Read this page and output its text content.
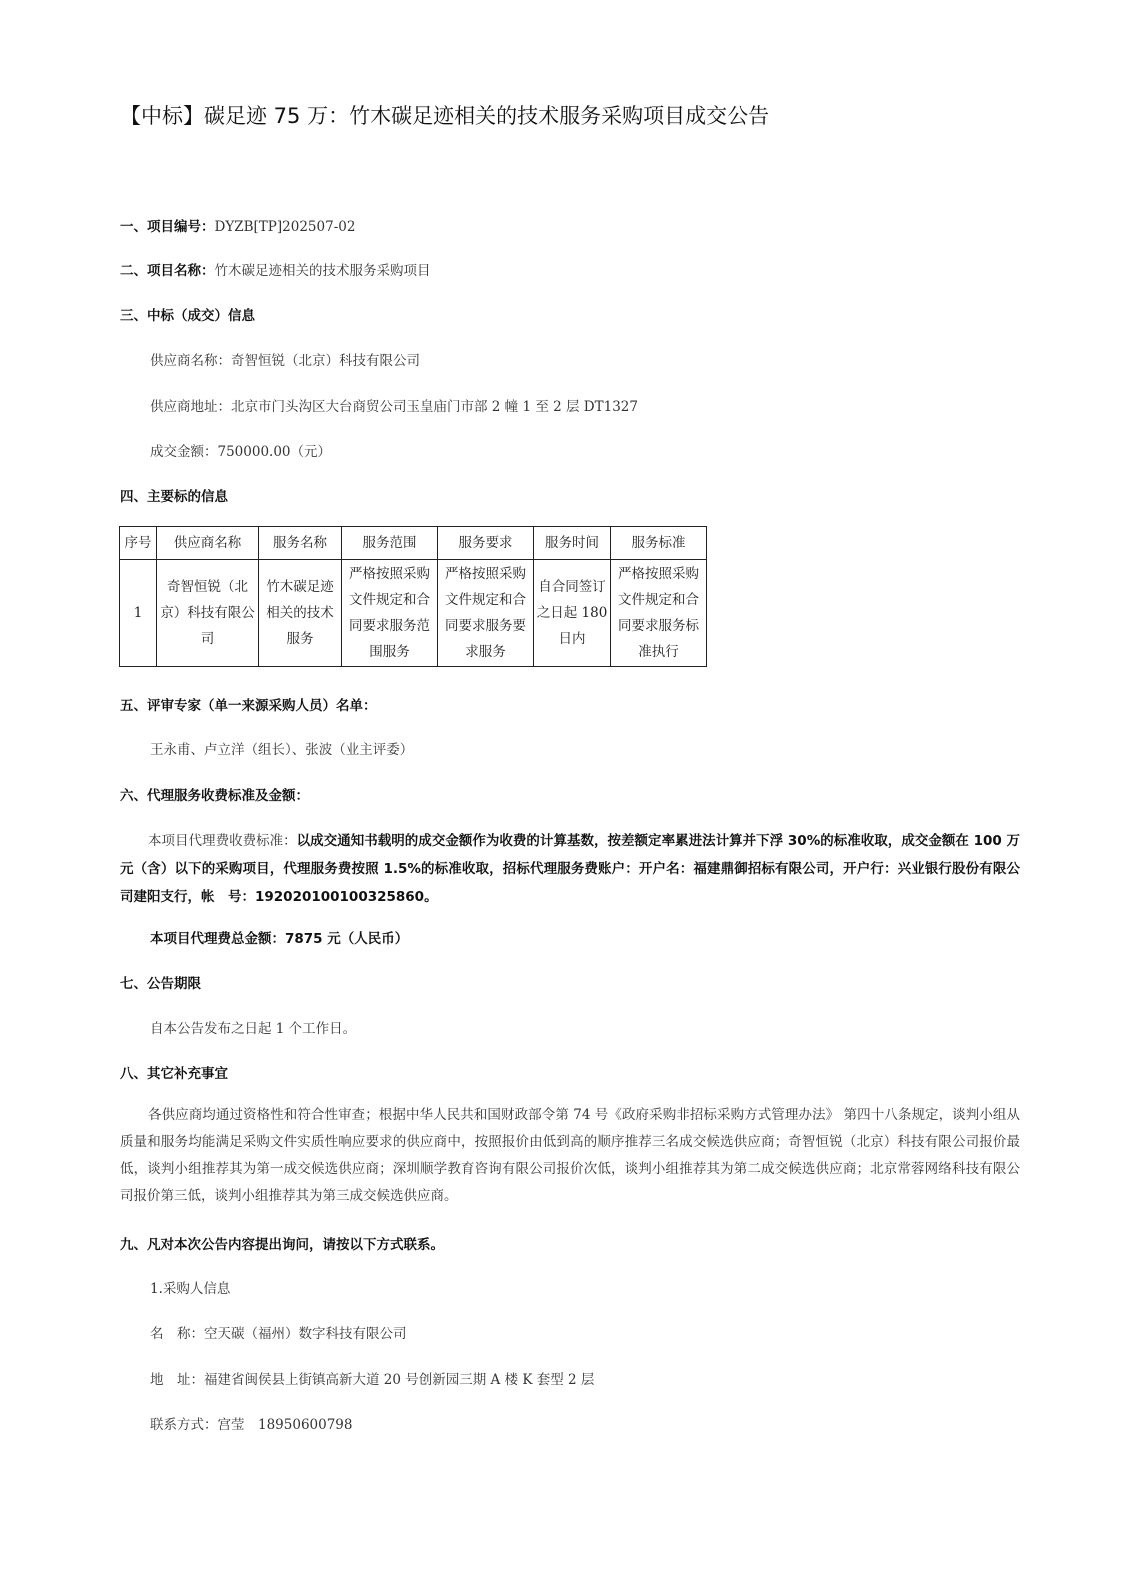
【中标】碳足迹 75 万：竹木碳足迹相关的技术服务采购项目成交公告
一、项目编号：DYZB[TP]202507-02
二、项目名称：竹木碳足迹相关的技术服务采购项目
三、中标（成交）信息
供应商名称：奇智恒锐（北京）科技有限公司
供应商地址：北京市门头沟区大台商贸公司玉皇庙门市部 2 幢 1 至 2 层 DT1327
成交金额：750000.00（元）
四、主要标的信息
序号	供应商名称	服务名称	服务范围	服务要求	服务时间	服务标准
1	奇智恒锐（北京）科技有限公司	竹木碳足迹相关的技术服务	严格按照采购文件规定和合同要求服务范围服务	严格按照采购文件规定和合同要求服务要求服务	自合同签订之日起 180 日内	严格按照采购文件规定和合同要求服务标准执行
五、评审专家（单一来源采购人员）名单：
王永甫、卢立洋（组长）、张波（业主评委）
六、代理服务收费标准及金额：

本项目代理费收费标准：以成交通知书载明的成交金额作为收费的计算基数，按差额定率累进法计算并下浮 30%的标准收取，成交金额在 100 万元（含）以下的采购项目，代理服务费按照 1.5%的标准收取，招标代理服务费账户：开户名：福建鼎御招标有限公司，开户行：兴业银行股份有限公司建阳支行，帐　号：192020100100325860。

本项目代理费总金额：7875 元（人民币）
七、公告期限
自本公告发布之日起 1 个工作日。
八、其它补充事宜

各供应商均通过资格性和符合性审查；根据中华人民共和国财政部令第 74 号《政府采购非招标采购方式管理办法》 第四十八条规定，谈判小组从质量和服务均能满足采购文件实质性响应要求的供应商中，按照报价由低到高的顺序推荐三名成交候选供应商；奇智恒锐（北京）科技有限公司报价最低，谈判小组推荐其为第一成交候选供应商；深圳顺学教育咨询有限公司报价次低，谈判小组推荐其为第二成交候选供应商；北京常蓉网络科技有限公司报价第三低，谈判小组推荐其为第三成交候选供应商。

九、凡对本次公告内容提出询问，请按以下方式联系。
1.采购人信息
名　称：空天碳（福州）数字科技有限公司
地　址：福建省闽侯县上街镇高新大道 20 号创新园三期 A 楼 K 套型 2 层
联系方式：宫莹　18950600798
